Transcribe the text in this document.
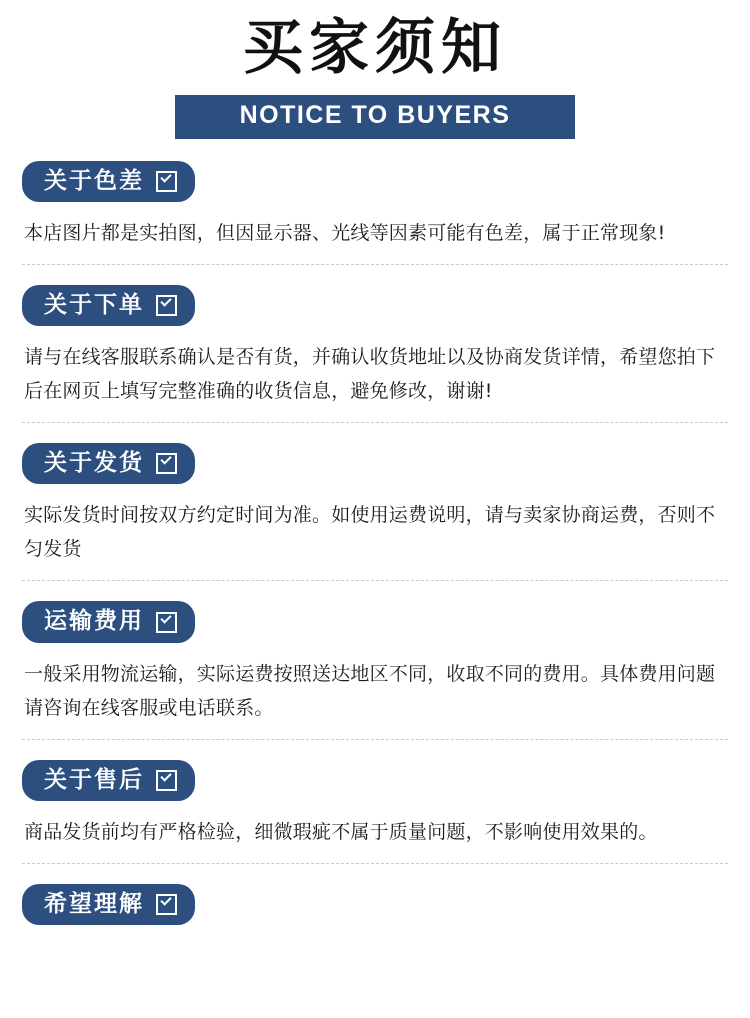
买家须知
NOTICE TO BUYERS
关于色差

本店图片都是实拍图，但因显示器、光线等因素可能有色差，属于正常现象!

关于下单

请与在线客服联系确认是否有货，并确认收货地址以及协商发货详情，希望您拍下后在网页上填写完整准确的收货信息，避免修改，谢谢!

关于发货

实际发货时间按双方约定时间为准。如使用运费说明，请与卖家协商运费，否则不匀发货

运输费用

一般采用物流运输，实际运费按照送达地区不同，收取不同的费用。具体费用问题请咨询在线客服或电话联系。

关于售后

商品发货前均有严格检验，细微瑕疵不属于质量问题，不影响使用效果的。

希望理解
